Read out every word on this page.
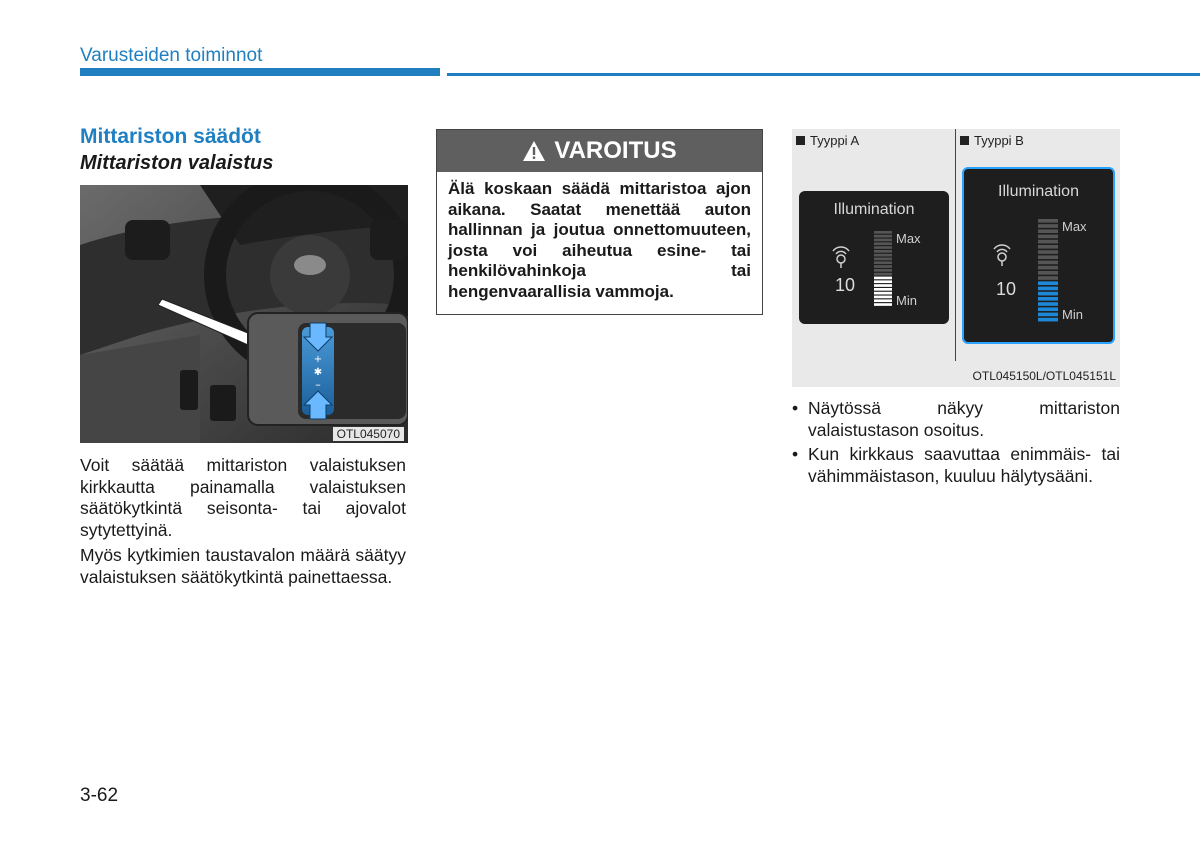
Varusteiden toiminnot
Mittariston säädöt
Mittariston valaistus
+
✱
–
OTL045070

Voit säätää mittariston valaistuksen kirkkautta painamalla valaistuksen säätökytkintä seisonta- tai ajovalot sytytettyinä.

Myös kytkimien taustavalon määrä säätyy valaistuksen säätökytkintä painettaessa.

VAROITUS
Älä koskaan säädä mittaristoa ajon aikana. Saatat menettää auton hallinnan ja joutua onnettomuuteen, josta voi aiheutua esine- tai henkilövahinkoja tai hengenvaarallisia vammoja.
Tyyppi A	Tyyppi B
Illumination
10
Max
Min
Illumination
10
Max
Min
OTL045150L/OTL045151L
• Näytössä näkyy mittariston valaistustason osoitus.
• Kun kirkkaus saavuttaa enimmäis- tai vähimmäistason, kuuluu hälytysääni.
3-62
